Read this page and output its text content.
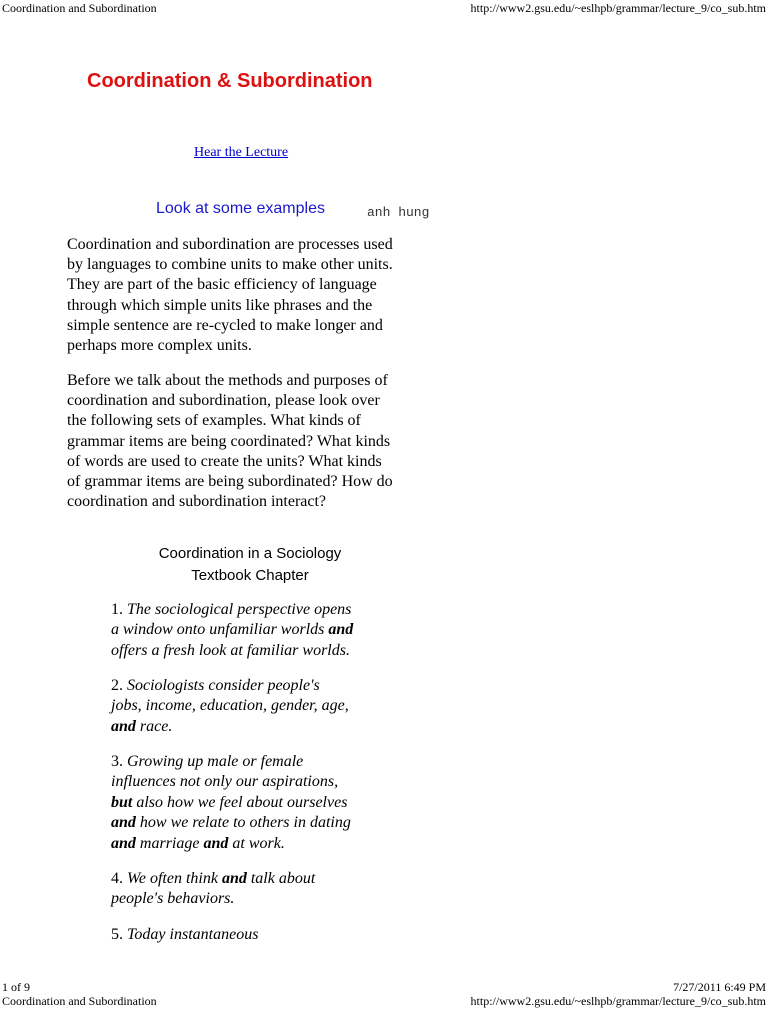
Coordination and Subordination	http://www2.gsu.edu/~eslhpb/grammar/lecture_9/co_sub.htm
Coordination & Subordination
Hear the Lecture
Look at some examples	anh hung

Coordination and subordination are processes used
by languages to combine units to make other units.
They are part of the basic efficiency of language
through which simple units like phrases and the
simple sentence are re-cycled to make longer and
perhaps more complex units.

Before we talk about the methods and purposes of
coordination and subordination, please look over
the following sets of examples. What kinds of
grammar items are being coordinated? What kinds
of words are used to create the units? What kinds
of grammar items are being subordinated? How do
coordination and subordination interact?

Coordination in a Sociology
Textbook Chapter

1. The sociological perspective opens
a window onto unfamiliar worlds and
offers a fresh look at familiar worlds.

2. Sociologists consider people's
jobs, income, education, gender, age,
and race.

3. Growing up male or female
influences not only our aspirations,
but also how we feel about ourselves
and how we relate to others in dating
and marriage and at work.

4. We often think and talk about
people's behaviors.

5. Today instantaneous

1 of 9	7/27/2011 6:49 PM
Coordination and Subordination	http://www2.gsu.edu/~eslhpb/grammar/lecture_9/co_sub.htm
